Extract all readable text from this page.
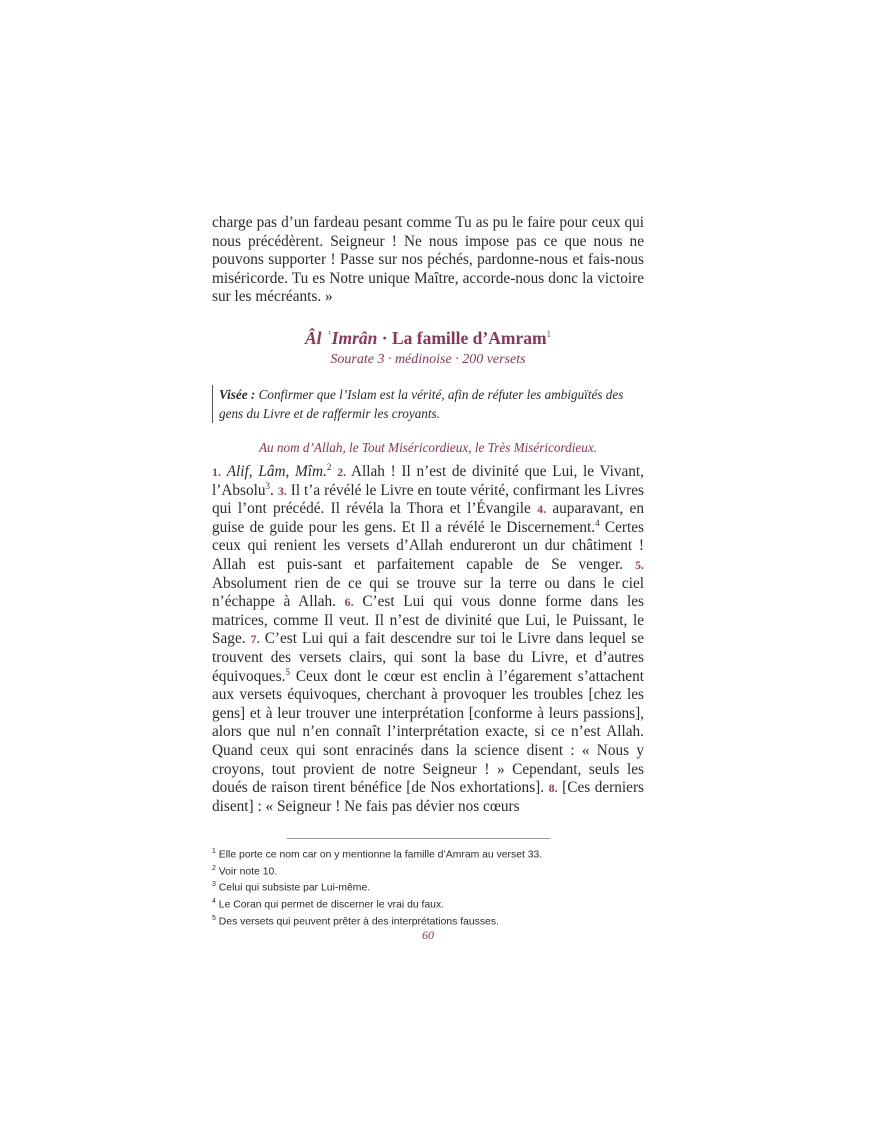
charge pas d’un fardeau pesant comme Tu as pu le faire pour ceux qui nous précédèrent. Seigneur ! Ne nous impose pas ce que nous ne pouvons supporter ! Passe sur nos péchés, pardonne-nous et fais-nous miséricorde. Tu es Notre unique Maître, accorde-nous donc la victoire sur les mécréants. »

Âl ʿImrân · La famille d’Amram$^1$
Sourate 3 · médinoise · 200 versets
Visée : Confirmer que l’Islam est la vérité, afin de réfuter les ambiguïtés des gens du Livre et de raffermir les croyants.
Au nom d’Allah, le Tout Miséricordieux, le Très Miséricordieux.

1. Alif, Lâm, Mîm.$^2$ 2. Allah ! Il n’est de divinité que Lui, le Vivant, l’Absolu$^3$. 3. Il t’a révélé le Livre en toute vérité, confirmant les Livres qui l’ont précédé. Il révéla la Thora et l’Évangile 4. auparavant, en guise de guide pour les gens. Et Il a révélé le Discernement.$^4$ Certes ceux qui renient les versets d’Allah endureront un dur châtiment ! Allah est puis-sant et parfaitement capable de Se venger. 5. Absolument rien de ce qui se trouve sur la terre ou dans le ciel n’échappe à Allah. 6. C’est Lui qui vous donne forme dans les matrices, comme Il veut. Il n’est de divinité que Lui, le Puissant, le Sage. 7. C’est Lui qui a fait descendre sur toi le Livre dans lequel se trouvent des versets clairs, qui sont la base du Livre, et d’autres équivoques.$^5$ Ceux dont le cœur est enclin à l’égarement s’attachent aux versets équivoques, cherchant à provoquer les troubles [chez les gens] et à leur trouver une interprétation [conforme à leurs passions], alors que nul n’en connaît l’interprétation exacte, si ce n’est Allah. Quand ceux qui sont enracinés dans la science disent : « Nous y croyons, tout provient de notre Seigneur ! » Cependant, seuls les doués de raison tirent bénéfice [de Nos exhortations]. 8. [Ces derniers disent] : « Seigneur ! Ne fais pas dévier nos cœurs

$^1$ Elle porte ce nom car on y mentionne la famille d’Amram au verset 33.
$^2$ Voir note 10.
$^3$ Celui qui subsiste par Lui-même.
$^4$ Le Coran qui permet de discerner le vrai du faux.
$^5$ Des versets qui peuvent prêter à des interprétations fausses.
60
